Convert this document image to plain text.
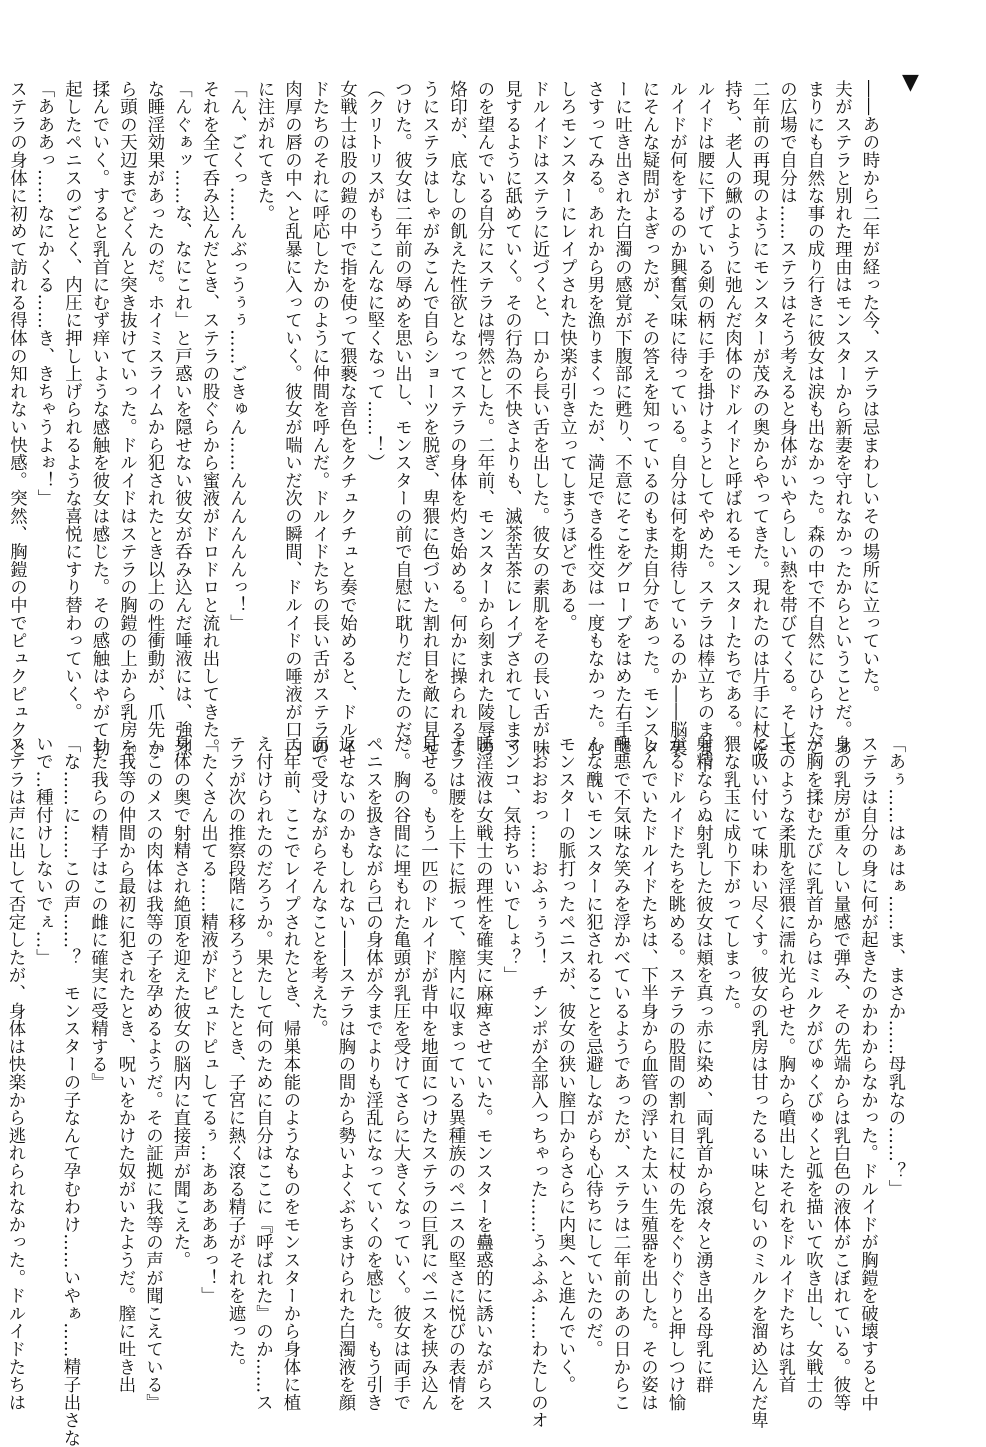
▼
――あの時から二年が経った今、ステラは忌まわしいその場所に立っていた。
夫がステラと別れた理由はモンスターから新妻を守れなかったからということだ。あ
まりにも自然な事の成り行きに彼女は涙も出なかった。森の中で不自然にひらけたこ
の広場で自分は……ステラはそう考えると身体がいやらしい熱を帯びてくる。そして
二年前の再現のようにモンスターが茂みの奥からやってきた。現れたのは片手に杖を
持ち、老人の鰍のように弛んだ肉体のドルイドと呼ばれるモンスターたちである。
ルイドは腰に下げている剣の柄に手を掛けようとしてやめた。ステラは棒立ちのままド
ルイドが何をするのか興奮気味に待っている。自分は何を期待しているのか――脳裏
にそんな疑問がよぎったが、その答えを知っているのもまた自分であった。モンスタ
ーに吐き出された白濁の感覚が下腹部に甦り、不意にそこをグローブをはめた右手で
さすってみる。あれから男を漁りまくったが、満足できる性交は一度もなかった。む
しろモンスターにレイプされた快楽が引き立ってしまうほどである。
ドルイドはステラに近づくと、口から長い舌を出した。彼女の素肌をその長い舌が味
見するように舐めていく。その行為の不快さよりも、滅茶苦茶にレイプされてしまう
のを望んでいる自分にステラは愕然とした。二年前、モンスターから刻まれた陵辱の
烙印が、底なしの飢えた性欲となってステラの身体を灼き始める。何かに操られるよ
うにステラはしゃがみこんで自らショーツを脱ぎ、卑猥に色づいた割れ目を敵に見せ
つけた。彼女は二年前の辱めを思い出し、モンスターの前で自慰に耽りだしたのだ。
（クリトリスがもうこんなに堅くなって……！）
女戦士は股の鎧の中で指を使って猥褻な音色をクチュクチュと奏で始めると、ドルイ
ドたちのそれに呼応したかのように仲間を呼んだ。ドルイドたちの長い舌がステラの
肉厚の唇の中へと乱暴に入っていく。彼女が喘いだ次の瞬間、ドルイドの唾液が口内
に注がれてきた。
「ん、ごくっ……んぶっうぅぅ……ごきゅん……んんんんんんっ！」
それを全て呑み込んだとき、ステラの股ぐらから蜜液がドロドロと流れ出してきた。
「んぐぁッ……な、なにこれ」と戸惑いを隠せない彼女が呑み込んだ唾液には、強烈
な睡淫効果があったのだ。ホイミスライムから犯されたとき以上の性衝動が、爪先か
ら頭の天辺までどくんと突き抜けていった。ドルイドはステラの胸鎧の上から乳房を
揉んでいく。すると乳首にむず痒いような感触を彼女は感じた。その感触はやがて勃
起したペニスのごとく、内圧に押し上げられるような喜悦にすり替わっていく。
「あああっ……なにかくる……き、きちゃうよぉ！」
ステラの身体に初めて訪れる得体の知れない快感。突然、胸鎧の中でピュクピュクと
「あぅ……はぁはぁ……ま、まさか……母乳なの……？」
ステラは自分の身に何が起きたのかわからなかった。ドルイドが胸鎧を破壊すると中
身の乳房が重々しい量感で弾み、その先端からは乳白色の液体がこぼれている。彼等
が胸を揉むたびに乳首からはミルクがびゅくびゅくと弧を描いて吹き出し、女戦士の
玉のような柔肌を淫猥に濡れ光らせた。胸から噴出したそれをドルイドたちは乳首
に吸い付いて味わい尽くす。彼女の乳房は甘ったるい味と匂いのミルクを溜め込んだ卑
猥な乳玉に成り下がってしまった。
射精ならぬ射乳した彼女は頬を真っ赤に染め、両乳首から滾々と湧き出る母乳に群
がるドルイドたちを眺める。ステラの股間の割れ目に杖の先をぐりぐりと押しつけ愉
しんでいたドルイドたちは、下半身から血管の浮いた太い生殖器を出した。その姿は
醜悪で不気味な笑みを浮かべているようであったが、ステラは二年前のあの日からこ
んな醜いモンスターに犯されることを忌避しながらも心待ちにしていたのだ。
モンスターの脈打ったペニスが、彼女の狭い膣口からさらに内奥へと進んでいく。
「おおおっ……おふぅぅう！　チンポが全部入っちゃった……うふふふ……わたしのオ
マンコ、気持ちいいでしょ？」
睡淫液は女戦士の理性を確実に麻痺させていた。モンスターを蠱惑的に誘いながらス
テラは腰を上下に振って、膣内に収まっている異種族のペニスの堅さに悦びの表情を
見せる。もう一匹のドルイドが背中を地面につけたステラの巨乳にペニスを挟み込ん
だ。胸の谷間に埋もれた亀頭が乳圧を受けてさらに大きくなっていく。彼女は両手で
ペニスを扱きながら己の身体が今までよりも淫乱になっていくのを感じた。もう引き
返せないのかもしれない――ステラは胸の間から勢いよくぶちまけられた白濁液を顔
面で受けながらそんなことを考えた。
二年前、ここでレイプされたとき、帰巣本能のようなものをモンスターから身体に植
え付けられたのだろうか。果たして何のために自分はここに『呼ばれた』のか……ス
テラが次の推察段階に移ろうとしたとき、子宮に熱く滾る精子がそれを遮った。
「たくさん出てる……精液がドピュドピュしてるぅ…あああああっ！」
身体の奥で射精され絶頂を迎えた彼女の脳内に直接声が聞こえた。
『このメスの肉体は我等の子を孕めるようだ。その証拠に我等の声が聞こえている』
『我等の仲間から最初に犯されたとき、呪いをかけた奴がいたようだ。膣に吐き出
した我らの精子はこの雌に確実に受精する』
「な……に……この声……？　モンスターの子なんて孕むわけ……いやぁ……精子出さな
いで…種付けしないでぇ…」
ステラは声に出して否定したが、身体は快楽から逃れられなかった。ドルイドたちは
